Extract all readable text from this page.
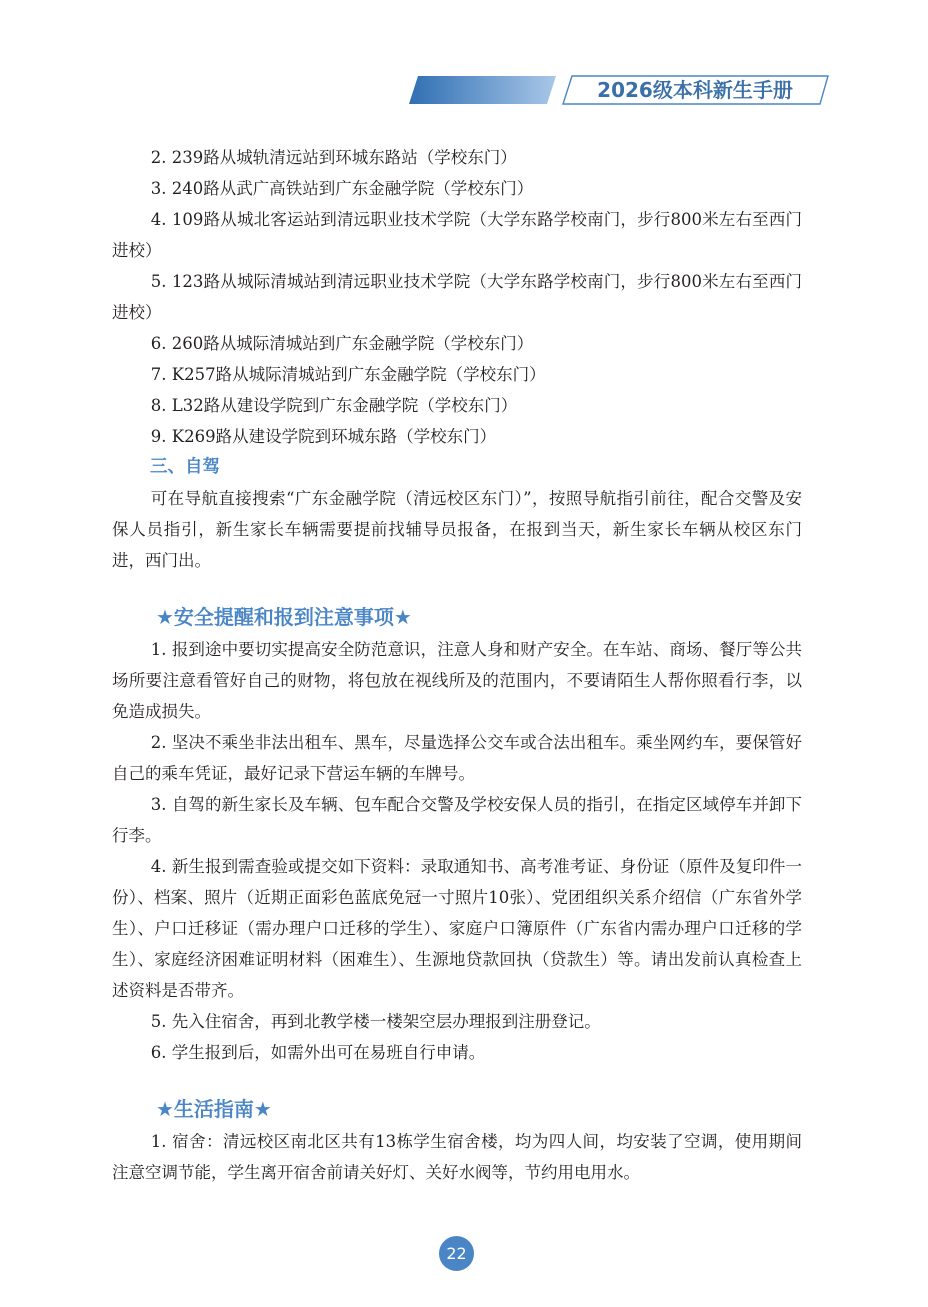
2026级本科新生手册

2. 239路从城轨清远站到环城东路站（学校东门）

3. 240路从武广高铁站到广东金融学院（学校东门）

4. 109路从城北客运站到清远职业技术学院（大学东路学校南门，步行800米左右至西门进校）

5. 123路从城际清城站到清远职业技术学院（大学东路学校南门，步行800米左右至西门进校）

6. 260路从城际清城站到广东金融学院（学校东门）

7. K257路从城际清城站到广东金融学院（学校东门）

8. L32路从建设学院到广东金融学院（学校东门）

9. K269路从建设学院到环城东路（学校东门）

三、自驾

可在导航直接搜索“广东金融学院（清远校区东门）”，按照导航指引前往，配合交警及安保人员指引，新生家长车辆需要提前找辅导员报备，在报到当天，新生家长车辆从校区东门进，西门出。

★安全提醒和报到注意事项★

1. 报到途中要切实提高安全防范意识，注意人身和财产安全。在车站、商场、餐厅等公共场所要注意看管好自己的财物，将包放在视线所及的范围内，不要请陌生人帮你照看行李，以免造成损失。

2. 坚决不乘坐非法出租车、黑车，尽量选择公交车或合法出租车。乘坐网约车，要保管好自己的乘车凭证，最好记录下营运车辆的车牌号。

3. 自驾的新生家长及车辆、包车配合交警及学校安保人员的指引，在指定区域停车并卸下行李。

4. 新生报到需查验或提交如下资料：录取通知书、高考准考证、身份证（原件及复印件一份）、档案、照片（近期正面彩色蓝底免冠一寸照片10张）、党团组织关系介绍信（广东省外学生）、户口迁移证（需办理户口迁移的学生）、家庭户口簿原件（广东省内需办理户口迁移的学生）、家庭经济困难证明材料（困难生）、生源地贷款回执（贷款生）等。请出发前认真检查上述资料是否带齐。

5. 先入住宿舍，再到北教学楼一楼架空层办理报到注册登记。

6. 学生报到后，如需外出可在易班自行申请。

★生活指南★

1. 宿舍：清远校区南北区共有13栋学生宿舍楼，均为四人间，均安装了空调，使用期间注意空调节能，学生离开宿舍前请关好灯、关好水阀等，节约用电用水。

22
